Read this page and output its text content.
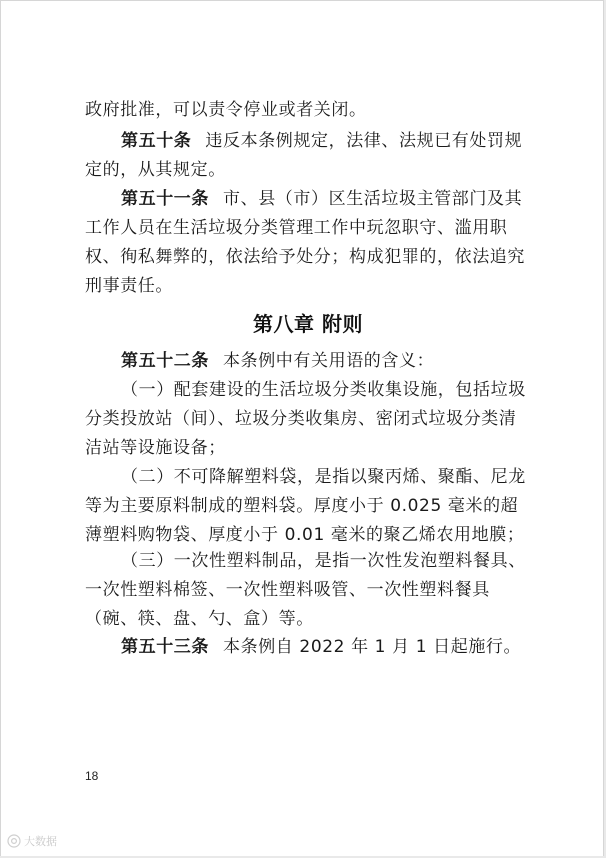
政府批准，可以责令停业或者关闭。

第五十条 违反本条例规定，法律、法规已有处罚规定的，从其规定。

第五十一条 市、县（市）区生活垃圾主管部门及其工作人员在生活垃圾分类管理工作中玩忽职守、滥用职权、徇私舞弊的，依法给予处分；构成犯罪的，依法追究刑事责任。

第八章 附则

第五十二条 本条例中有关用语的含义：

（一）配套建设的生活垃圾分类收集设施，包括垃圾分类投放站（间）、垃圾分类收集房、密闭式垃圾分类清洁站等设施设备；

（二）不可降解塑料袋，是指以聚丙烯、聚酯、尼龙等为主要原料制成的塑料袋。厚度小于 0.025 毫米的超薄塑料购物袋、厚度小于 0.01 毫米的聚乙烯农用地膜；

（三）一次性塑料制品，是指一次性发泡塑料餐具、一次性塑料棉签、一次性塑料吸管、一次性塑料餐具（碗、筷、盘、勺、盒）等。

第五十三条 本条例自 2022 年 1 月 1 日起施行。

18
大数据
